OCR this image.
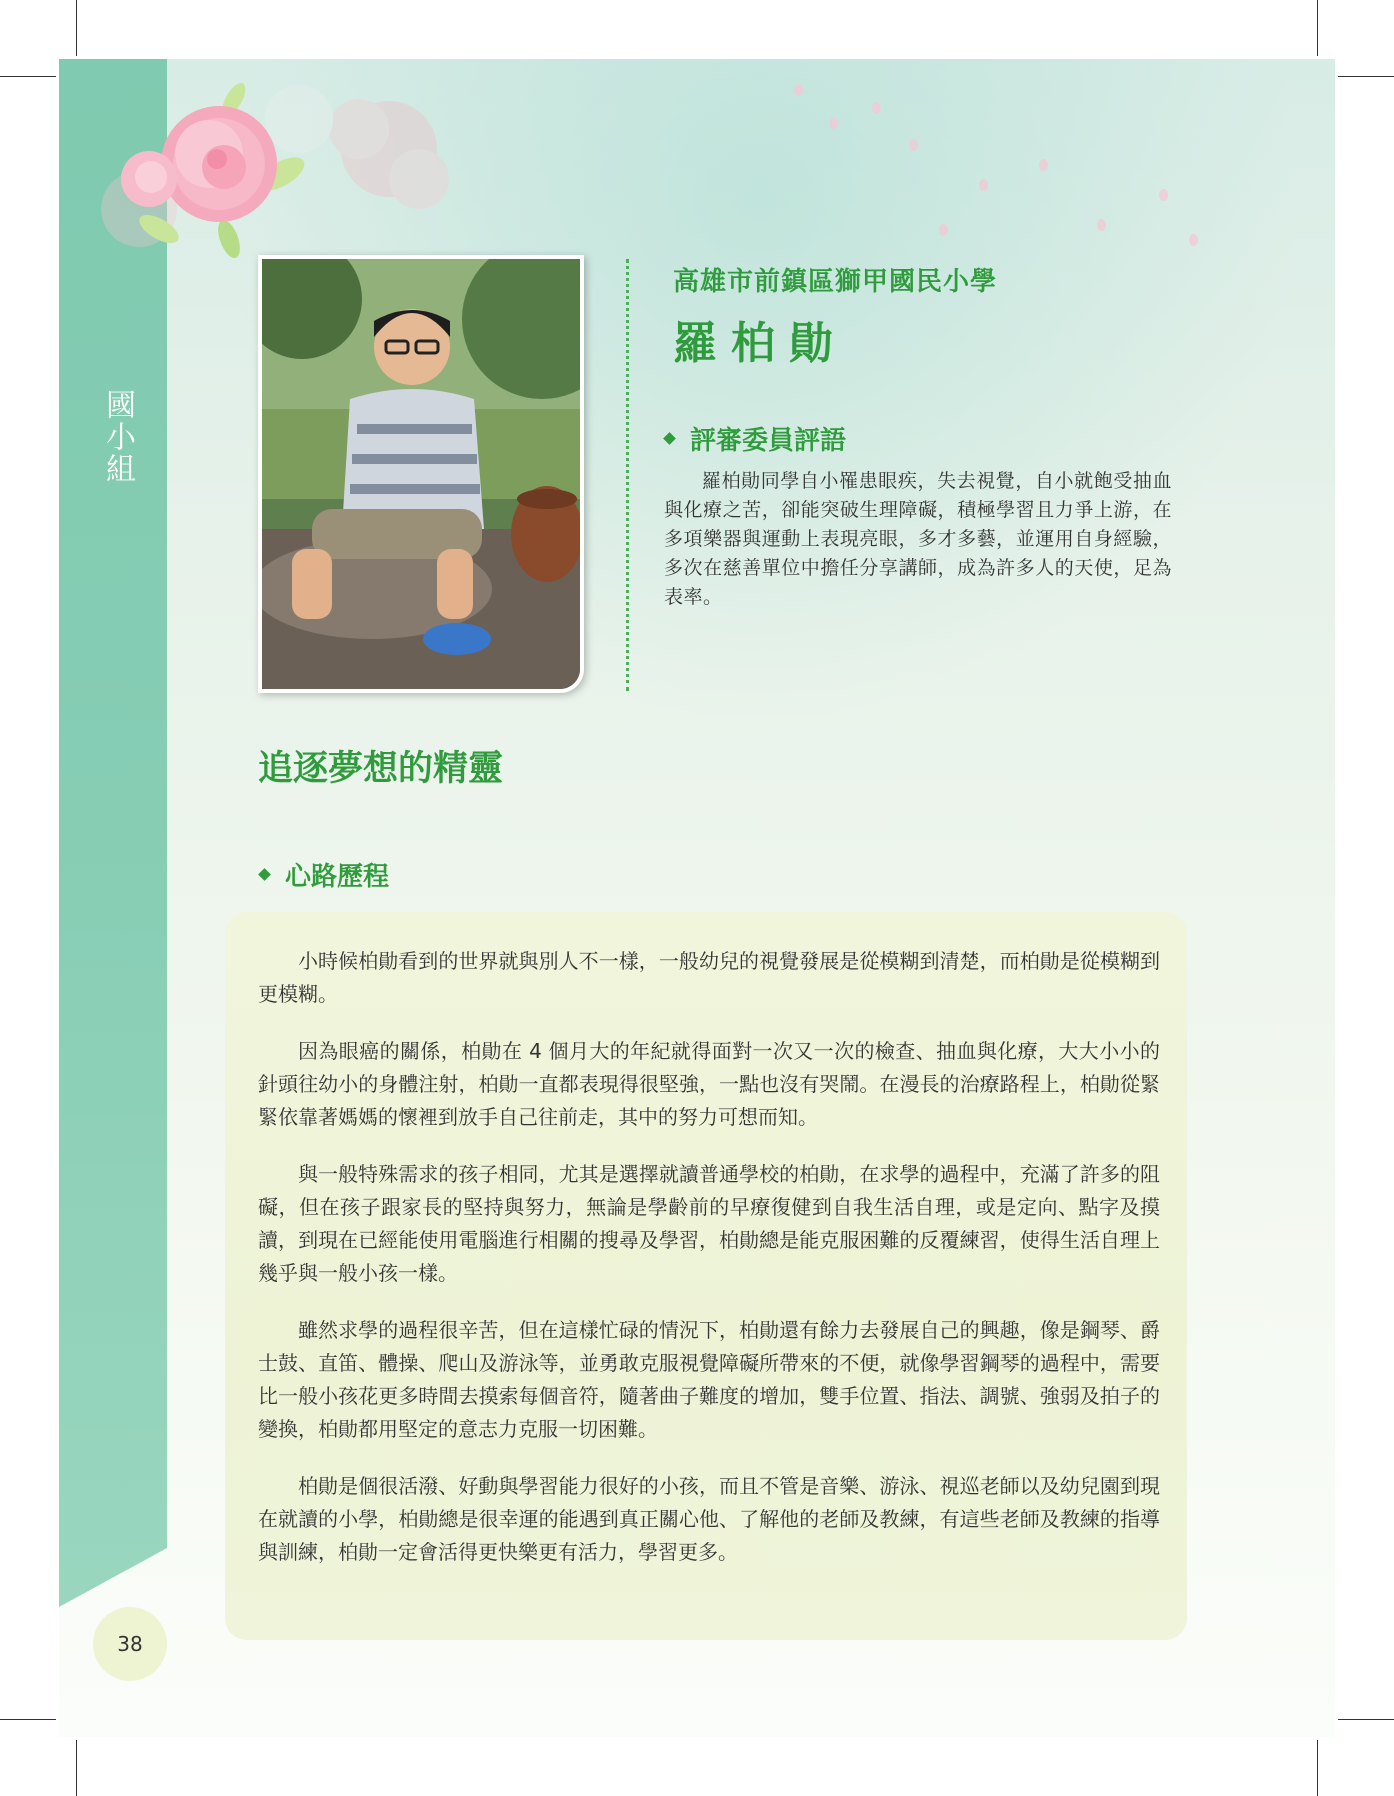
國小組
高雄市前鎮區獅甲國民小學
羅柏勛
評審委員評語

羅柏勛同學自小罹患眼疾，失去視覺，自小就飽受抽血與化療之苦，卻能突破生理障礙，積極學習且力爭上游，在多項樂器與運動上表現亮眼，多才多藝，並運用自身經驗，多次在慈善單位中擔任分享講師，成為許多人的天使，足為表率。

追逐夢想的精靈
心路歷程

小時候柏勛看到的世界就與別人不一樣，一般幼兒的視覺發展是從模糊到清楚，而柏勛是從模糊到更模糊。

因為眼癌的關係，柏勛在 4 個月大的年紀就得面對一次又一次的檢查、抽血與化療，大大小小的針頭往幼小的身體注射，柏勛一直都表現得很堅強，一點也沒有哭鬧。在漫長的治療路程上，柏勛從緊緊依靠著媽媽的懷裡到放手自己往前走，其中的努力可想而知。

與一般特殊需求的孩子相同，尤其是選擇就讀普通學校的柏勛，在求學的過程中，充滿了許多的阻礙，但在孩子跟家長的堅持與努力，無論是學齡前的早療復健到自我生活自理，或是定向、點字及摸讀，到現在已經能使用電腦進行相關的搜尋及學習，柏勛總是能克服困難的反覆練習，使得生活自理上幾乎與一般小孩一樣。

雖然求學的過程很辛苦，但在這樣忙碌的情況下，柏勛還有餘力去發展自己的興趣，像是鋼琴、爵士鼓、直笛、體操、爬山及游泳等，並勇敢克服視覺障礙所帶來的不便，就像學習鋼琴的過程中，需要比一般小孩花更多時間去摸索每個音符，隨著曲子難度的增加，雙手位置、指法、調號、強弱及拍子的變換，柏勛都用堅定的意志力克服一切困難。

柏勛是個很活潑、好動與學習能力很好的小孩，而且不管是音樂、游泳、視巡老師以及幼兒園到現在就讀的小學，柏勛總是很幸運的能遇到真正關心他、了解他的老師及教練，有這些老師及教練的指導與訓練，柏勛一定會活得更快樂更有活力，學習更多。

38
